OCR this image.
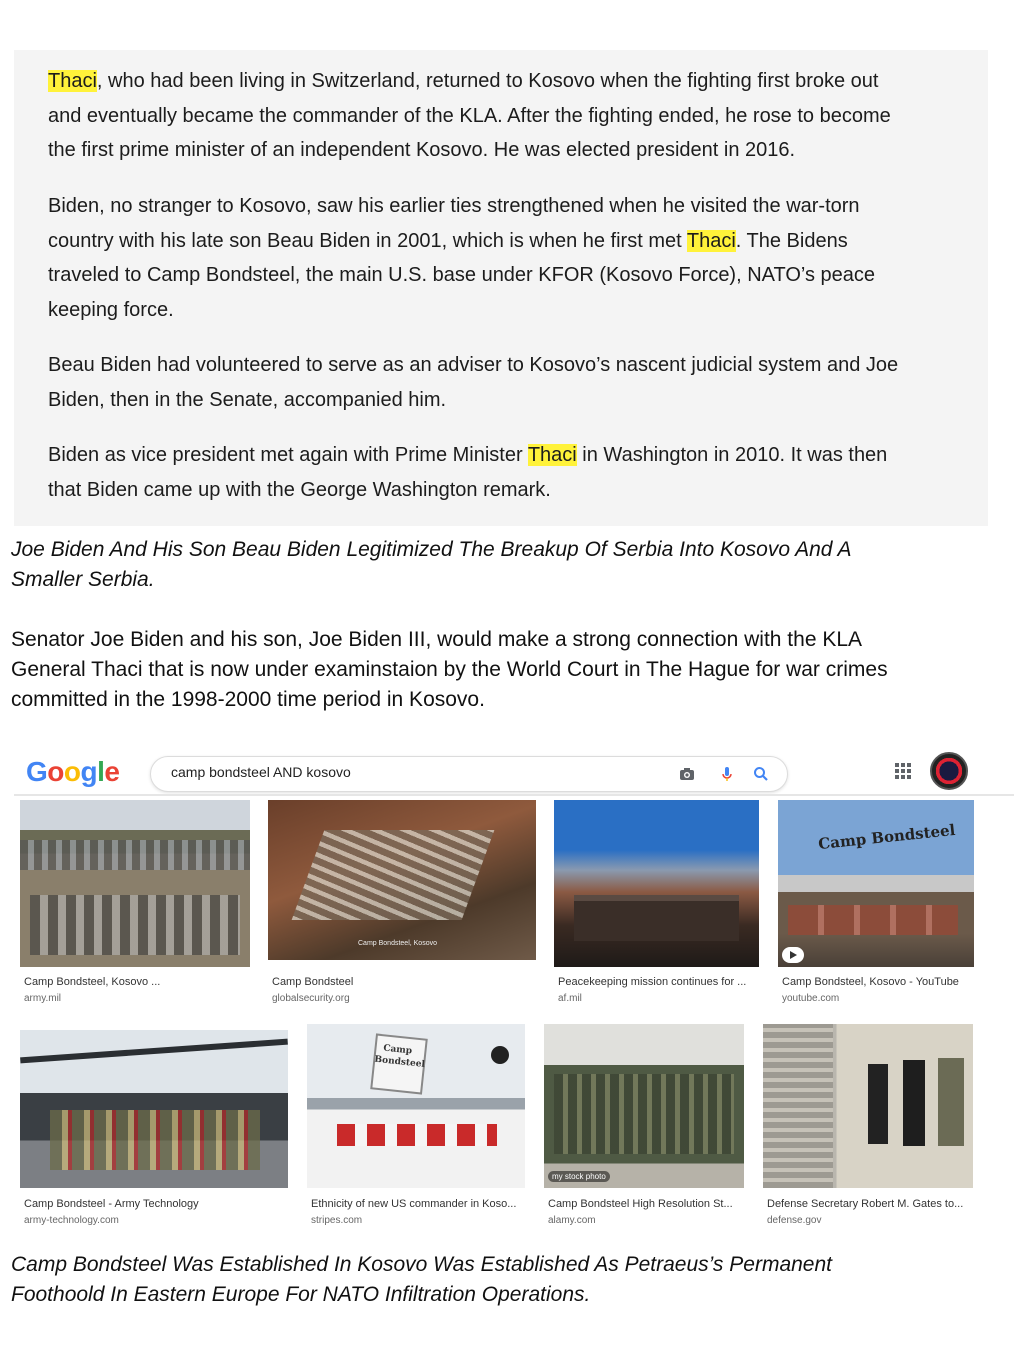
Thaci, who had been living in Switzerland, returned to Kosovo when the fighting first broke out
and eventually became the commander of the KLA. After the fighting ended, he rose to become
the first prime minister of an independent Kosovo. He was elected president in 2016.
Biden, no stranger to Kosovo, saw his earlier ties strengthened when he visited the war-torn
country with his late son Beau Biden in 2001, which is when he first met Thaci. The Bidens
traveled to Camp Bondsteel, the main U.S. base under KFOR (Kosovo Force), NATO’s peace
keeping force.
Beau Biden had volunteered to serve as an adviser to Kosovo’s nascent judicial system and Joe
Biden, then in the Senate, accompanied him.
Biden as vice president met again with Prime Minister Thaci in Washington in 2010. It was then
that Biden came up with the George Washington remark.
Joe Biden And His Son Beau Biden Legitimized The Breakup Of Serbia Into Kosovo And A
Smaller Serbia.
Senator Joe Biden and his son, Joe Biden III, would make a strong connection with the KLA
General Thaci that is now under examinstaion by the World Court in The Hague for war crimes
committed in the 1998-2000 time period in Kosovo.
Google	camp bondsteel AND kosovo
Camp Bondsteel, Kosovo ...
army.mil
Camp Bondsteel, Kosovo
Camp Bondsteel
globalsecurity.org
Peacekeeping mission continues for ...
af.mil
Camp Bondsteel
Camp Bondsteel, Kosovo - YouTube
youtube.com
Camp Bondsteel - Army Technology
army-technology.com
Camp Bondsteel
Ethnicity of new US commander in Koso...
stripes.com
my stock photo
Camp Bondsteel High Resolution St...
alamy.com
Defense Secretary Robert M. Gates to...
defense.gov
Camp Bondsteel Was Established In Kosovo Was Established As Petraeus’s Permanent
Foothoold In Eastern Europe For NATO Infiltration Operations.
